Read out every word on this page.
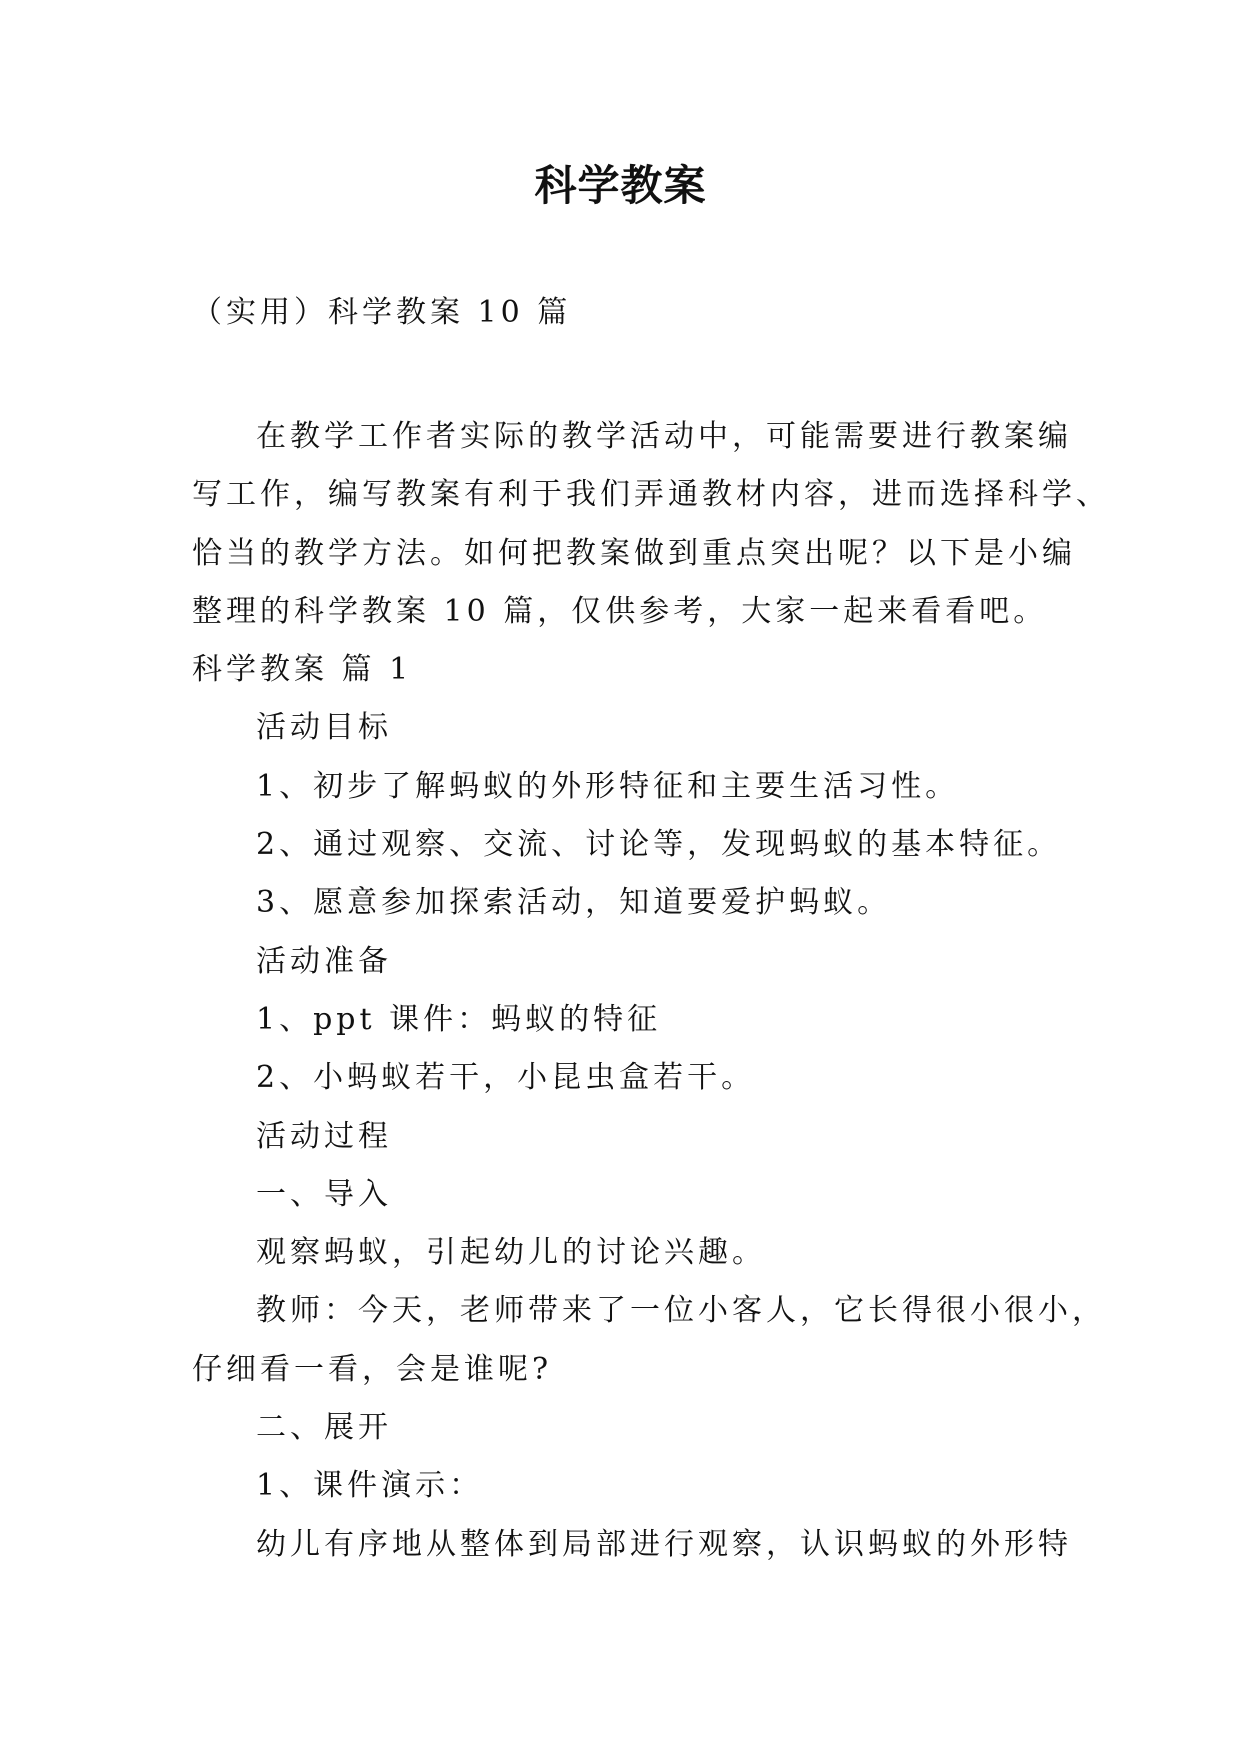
科学教案
（实用）科学教案 10 篇
在教学工作者实际的教学活动中，可能需要进行教案编
写工作，编写教案有利于我们弄通教材内容，进而选择科学、
恰当的教学方法。如何把教案做到重点突出呢？以下是小编
整理的科学教案 10 篇，仅供参考，大家一起来看看吧。
科学教案 篇 1
活动目标
1、初步了解蚂蚁的外形特征和主要生活习性。
2、通过观察、交流、讨论等，发现蚂蚁的基本特征。
3、愿意参加探索活动，知道要爱护蚂蚁。
活动准备
1、ppt 课件：蚂蚁的特征
2、小蚂蚁若干，小昆虫盒若干。
活动过程
一、导入
观察蚂蚁，引起幼儿的讨论兴趣。
教师：今天，老师带来了一位小客人，它长得很小很小，
仔细看一看，会是谁呢?
二、展开
1、课件演示：
幼儿有序地从整体到局部进行观察，认识蚂蚁的外形特
